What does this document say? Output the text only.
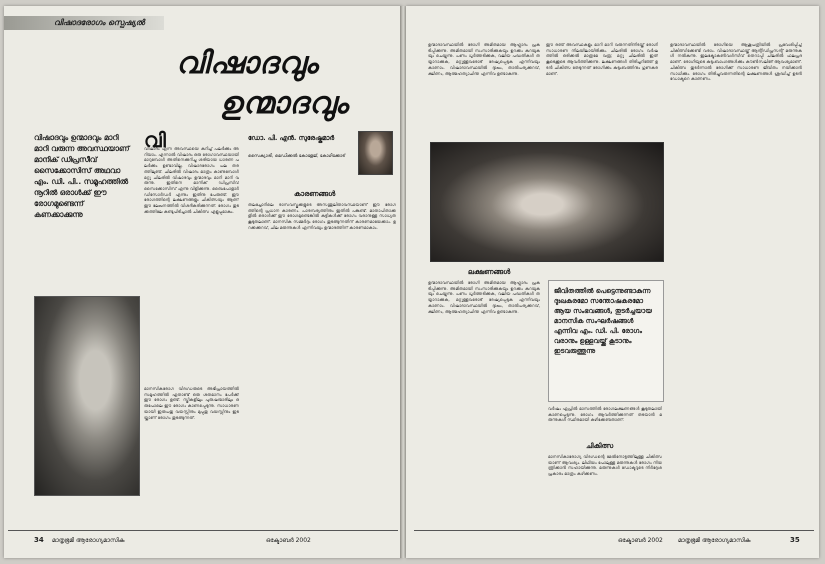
വിഷാദരോഗം സ്പെഷ്യൽ
വിഷാദവും
ഉന്മാദവും
വിഷാദവും ഉന്മാദവും മാറി മാറി വരുന്ന അവസ്ഥയാണ് മാനിക് ഡിപ്രസീവ് സൈക്കോസിസ് അഥവാ എം. ഡി. പി.. സമൂഹത്തിൽ നൂറിൽ ഒരാൾക്ക് ഈ രോഗമുണ്ടെന്ന് കണക്കാക്കുന്നു
വി
വിഷാദം എന്ന അവസ്ഥയെ കുറിച്ച് പലർക്കും അറിയാം. എന്നാൽ വിഷാദം ഒരു രോഗാവസ്ഥയായി മാറുമ്പോൾ അതിനെക്കുറിച്ചു ശരിയായ ധാരണ പലർക്കും ഉണ്ടാവില്ല. വിഷാദരോഗം പല തരത്തിലുണ്ട്. ചിലരിൽ വിഷാദം മാത്രം കാണുമ്പോൾ മറ്റു ചിലരിൽ വിഷാദവും ഉന്മാദവും മാറി മാറി വരുന്നു. ഇതിനെ മാനിക് ഡിപ്രസീവ് സൈക്കോസിസ് എന്നു വിളിക്കുന്നു. ബൈപോളാർ ഡിസോർഡർ എന്നും ഇതിനു പേരുണ്ട്. ഈ രോഗത്തിന്റെ ലക്ഷണങ്ങളും ചികിത്സയും ആണ് ഈ ലേഖനത്തിൽ വിശദീകരിക്കുന്നത്. രോഗം തുടക്കത്തിലേ കണ്ടുപിടിച്ചാൽ ചികിത്സ എളുപ്പമാകും.
മാനസികരോഗ വിദഗ്ധരുടെ അഭിപ്രായത്തിൽ സമൂഹത്തിൽ ഏതാണ്ട് ഒരു ശതമാനം പേർക്ക് ഈ രോഗം ഉണ്ട്. സ്ത്രീകളിലും പുരുഷന്മാരിലും ഒരുപോലെ ഈ രോഗം കാണപ്പെടുന്നു. സാധാരണയായി ഇരുപതു വയസ്സിനും മുപ്പതു വയസ്സിനും ഇടയ്ക്കാണ് രോഗം തുടങ്ങുന്നത്.
ഡോ. പി. എൻ. സുരേഷ്കുമാർ
സൈക്യാട്രി, മെഡിക്കൽ കോളേജ്, കോഴിക്കോട്
കാരണങ്ങൾ
തലച്ചോറിലെ രാസവസ്തുക്കളുടെ അസന്തുലിതാവസ്ഥയാണ് ഈ രോഗത്തിന്റെ പ്രധാന കാരണം. പാരമ്പര്യത്തിനും ഇതിൽ പങ്കുണ്ട്. മാതാപിതാക്കളിൽ ഒരാൾക്ക് ഈ രോഗമുണ്ടെങ്കിൽ കുട്ടികൾക്ക് രോഗം വരാനുള്ള സാധ്യത കൂടുതലാണ്. മാനസിക സമ്മർദ്ദം രോഗം തുടങ്ങുന്നതിന് കാരണമായേക്കാം. ഉറക്കക്കുറവ്, ചില മരുന്നുകൾ എന്നിവയും ഉന്മാദത്തിന് കാരണമാകാം.
34 മാതൃഭൂമി ആരോഗ്യമാസിക	ഒക്ടോബർ 2002
ഉന്മാദാവസ്ഥയിൽ രോഗി അമിതമായ ആഹ്ലാദം പ്രകടിപ്പിക്കുന്നു. അമിതമായി സംസാരിക്കുകയും ഉറക്കം കുറയുകയും ചെയ്യുന്നു. പണം ധൂർത്തടിക്കുക, വലിയ പദ്ധതികൾ തയ്യാറാക്കുക, മറ്റുള്ളവരോട് ദേഷ്യപ്പെടുക എന്നിവയും കാണാം. വിഷാദാവസ്ഥയിൽ ദുഃഖം, താൽപര്യക്കുറവ്, ക്ഷീണം, ആത്മഹത്യാചിന്ത എന്നിവ ഉണ്ടാകുന്നു.
ഈ രണ്ട് അവസ്ഥകളും മാറി മാറി വരുന്നതിനിടയ്ക്ക് രോഗി സാധാരണ നിലയിലായിരിക്കും. ചിലരിൽ രോഗം വർഷത്തിൽ ഒരിക്കൽ മാത്രമേ വരൂ; മറ്റു ചിലരിൽ ഇത് കൂടെക്കൂടെ ആവർത്തിക്കുന്നു. ലക്ഷണങ്ങൾ തിരിച്ചറിഞ്ഞ് ഉടൻ ചികിത്സ തേടുന്നത് രോഗിക്കും കുടുംബത്തിനും ഗുണകരമാണ്.
ലക്ഷണങ്ങൾ
ഉന്മാദാവസ്ഥയിൽ രോഗി അമിതമായ ആഹ്ലാദം പ്രകടിപ്പിക്കുന്നു. അമിതമായി സംസാരിക്കുകയും ഉറക്കം കുറയുകയും ചെയ്യുന്നു. പണം ധൂർത്തടിക്കുക, വലിയ പദ്ധതികൾ തയ്യാറാക്കുക, മറ്റുള്ളവരോട് ദേഷ്യപ്പെടുക എന്നിവയും കാണാം. വിഷാദാവസ്ഥയിൽ ദുഃഖം, താൽപര്യക്കുറവ്, ക്ഷീണം, ആത്മഹത്യാചിന്ത എന്നിവ ഉണ്ടാകുന്നു.
ജീവിതത്തിൽ പെട്ടെന്നുണ്ടാകുന്ന ദുഃഖകരമോ സന്തോഷകരമോ ആയ സംഭവങ്ങൾ, തുടർച്ചയായ മാനസിക സംഘർഷങ്ങൾ എന്നിവ എം. ഡി. പി. രോഗം വരാനും ഉള്ളവയ്ക്ക് കൂടാനും ഇടവരുത്തുന്നു
വർഷം ഏപ്രിൽ മാസത്തിൽ രോഗലക്ഷണങ്ങൾ കൂടുതലായി കാണപ്പെടുന്നു. രോഗം ആവർത്തിക്കുന്നത് തടയാൻ മരുന്നുകൾ സ്ഥിരമായി കഴിക്കേണ്ടതാണ്.
ചികിത്സ
മാനസികാരോഗ്യ വിദഗ്ധന്റെ മേൽനോട്ടത്തിലുള്ള ചികിത്സയാണ് ആവശ്യം. ലിഥിയം പോലുള്ള മരുന്നുകൾ രോഗം നിയന്ത്രിക്കാൻ സഹായിക്കുന്നു. മരുന്നുകൾ ഡോക്ടറുടെ നിർദ്ദേശപ്രകാരം മാത്രം കഴിക്കണം.
ഉന്മാദാവസ്ഥയിൽ രോഗിയെ ആശുപത്രിയിൽ പ്രവേശിപ്പിച്ച് ചികിത്സിക്കേണ്ടി വരാം. വിഷാദാവസ്ഥയ്ക്ക് ആന്റിഡിപ്രസന്റ് മരുന്നുകൾ നൽകുന്നു. ഇലക്ട്രോകൺവൾസീവ് തെറാപ്പി ചിലരിൽ ഫലപ്രദമാണ്. രോഗിയുടെ കുടുംബാംഗങ്ങൾക്കും കൗൺസലിങ് ആവശ്യമാണ്. ചികിത്സ തുടർന്നാൽ രോഗിക്ക് സാധാരണ ജീവിതം നയിക്കാൻ സാധിക്കും. രോഗം തിരിച്ചുവരുന്നതിന്റെ ലക്ഷണങ്ങൾ ശ്രദ്ധിച്ച് ഉടൻ ഡോക്ടറെ കാണണം.
ഒക്ടോബർ 2002	മാതൃഭൂമി ആരോഗ്യമാസിക	35
